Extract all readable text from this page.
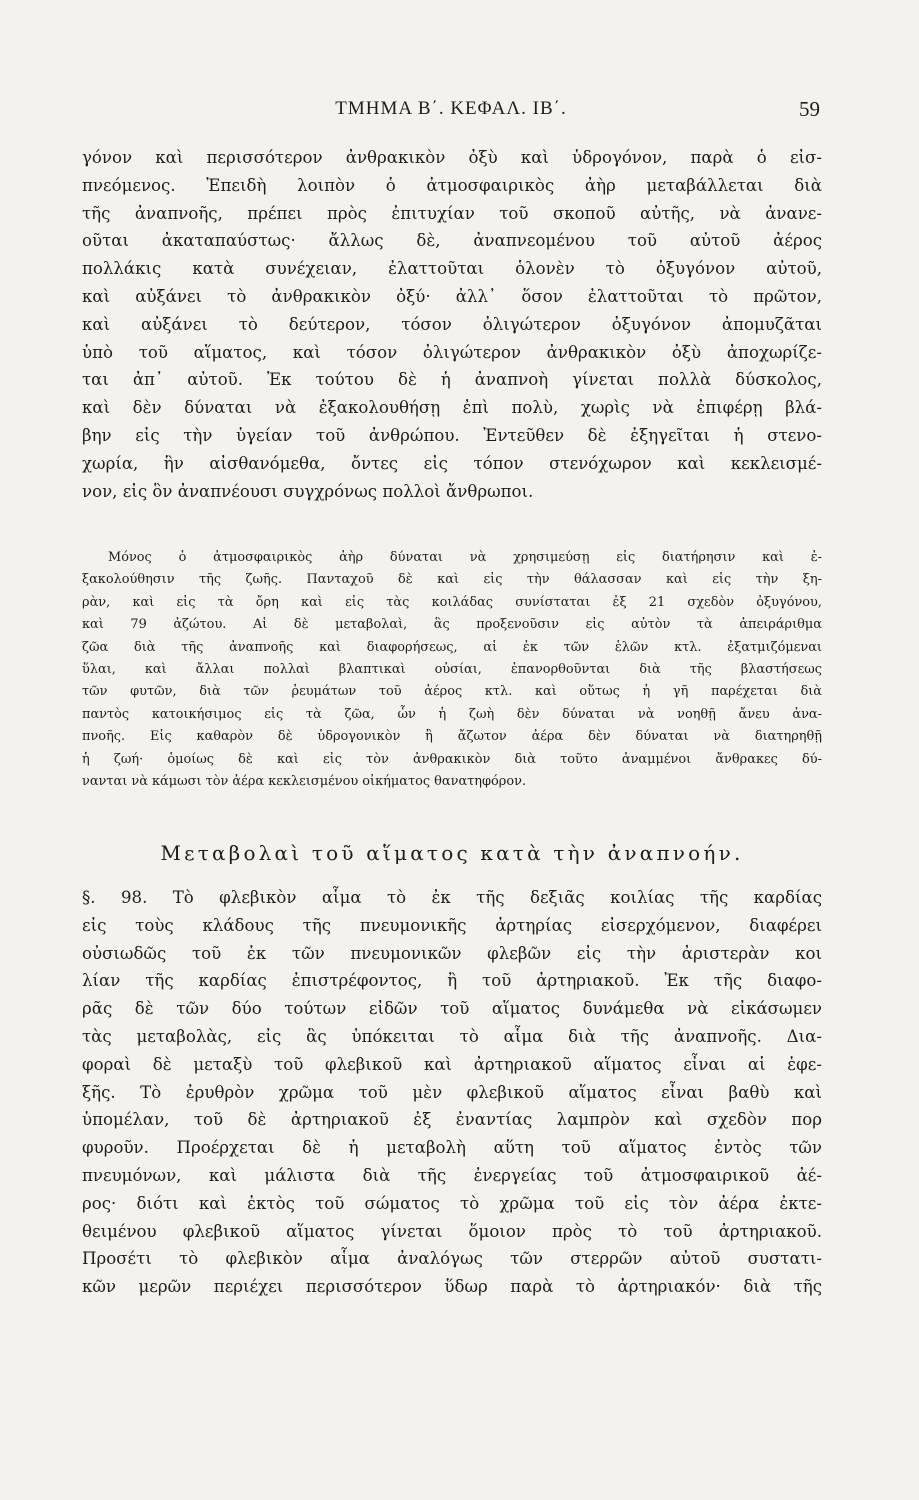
ΤΜΗΜΑ Β΄. ΚΕΦΑΛ. ΙΒ΄.	59
γόνον καὶ περισσότερον ἀνθρακικὸν ὀξὺ καὶ ὑδρογόνον, παρὰ ὁ εἰσ-
πνεόμενος. Ἐπειδὴ λοιπὸν ὁ ἀτμοσφαιρικὸς ἀὴρ μεταβάλλεται διὰ
τῆς ἀναπνοῆς, πρέπει πρὸς ἐπιτυχίαν τοῦ σκοποῦ αὐτῆς, νὰ ἀνανε-
οῦται ἀκαταπαύστως· ἄλλως δὲ, ἀναπνεομένου τοῦ αὐτοῦ ἀέρος
πολλάκις κατὰ συνέχειαν, ἐλαττοῦται ὁλονὲν τὸ ὀξυγόνον αὐτοῦ,
καὶ αὐξάνει τὸ ἀνθρακικὸν ὀξύ· ἀλλ᾽ ὅσον ἐλαττοῦται τὸ πρῶτον,
καὶ αὐξάνει τὸ δεύτερον, τόσον ὀλιγώτερον ὀξυγόνον ἀπομυζᾶται
ὑπὸ τοῦ αἵματος, καὶ τόσον ὀλιγώτερον ἀνθρακικὸν ὀξὺ ἀποχωρίζε-
ται ἀπ᾽ αὐτοῦ. Ἐκ τούτου δὲ ἡ ἀναπνοὴ γίνεται πολλὰ δύσκολος,
καὶ δὲν δύναται νὰ ἐξακολουθήσῃ ἐπὶ πολὺ, χωρὶς νὰ ἐπιφέρῃ βλά-
βην εἰς τὴν ὑγείαν τοῦ ἀνθρώπου. Ἐντεῦθεν δὲ ἐξηγεῖται ἡ στενο-
χωρία, ἣν αἰσθανόμεθα, ὄντες εἰς τόπον στενόχωρον καὶ κεκλεισμέ-
νον, εἰς ὃν ἀναπνέουσι συγχρόνως πολλοὶ ἄνθρωποι.
Μόνος ὁ ἀτμοσφαιρικὸς ἀὴρ δύναται νὰ χρησιμεύσῃ εἰς διατήρησιν καὶ ἐ-
ξακολούθησιν τῆς ζωῆς. Πανταχοῦ δὲ καὶ εἰς τὴν θάλασσαν καὶ εἰς τὴν ξη-
ρὰν, καὶ εἰς τὰ ὄρη καὶ εἰς τὰς κοιλάδας συνίσταται ἐξ 21 σχεδὸν ὀξυγόνου,
καὶ 79 ἀζώτου. Αἱ δὲ μεταβολαὶ, ἃς προξενοῦσιν εἰς αὐτὸν τὰ ἀπειράριθμα
ζῶα διὰ τῆς ἀναπνοῆς καὶ διαφορήσεως, αἱ ἐκ τῶν ἑλῶν κτλ. ἐξατμιζόμεναι
ὕλαι, καὶ ἄλλαι πολλαὶ βλαπτικαὶ οὐσίαι, ἐπανορθοῦνται διὰ τῆς βλαστήσεως
τῶν φυτῶν, διὰ τῶν ῥευμάτων τοῦ ἀέρος κτλ. καὶ οὕτως ἡ γῆ παρέχεται διὰ
παντὸς κατοικήσιμος εἰς τὰ ζῶα, ὧν ἡ ζωὴ δὲν δύναται νὰ νοηθῇ ἄνευ ἀνα-
πνοῆς. Εἰς καθαρὸν δὲ ὑδρογονικὸν ἢ ἄζωτον ἀέρα δὲν δύναται νὰ διατηρηθῇ
ἡ ζωή· ὁμοίως δὲ καὶ εἰς τὸν ἀνθρακικὸν διὰ τοῦτο ἀναμμένοι ἄνθρακες δύ-
νανται νὰ κάμωσι τὸν ἀέρα κεκλεισμένου οἰκήματος θανατηφόρον.
Μεταβολαὶ τοῦ αἵματος κατὰ τὴν ἀναπνοήν.
§. 98. Τὸ φλεβικὸν αἷμα τὸ ἐκ τῆς δεξιᾶς κοιλίας τῆς καρδίας
εἰς τοὺς κλάδους τῆς πνευμονικῆς ἀρτηρίας εἰσερχόμενον, διαφέρει
οὐσιωδῶς τοῦ ἐκ τῶν πνευμονικῶν φλεβῶν εἰς τὴν ἀριστερὰν κοι
λίαν τῆς καρδίας ἐπιστρέφοντος, ἢ τοῦ ἀρτηριακοῦ. Ἐκ τῆς διαφο-
ρᾶς δὲ τῶν δύο τούτων εἰδῶν τοῦ αἵματος δυνάμεθα νὰ εἰκάσωμεν
τὰς μεταβολὰς, εἰς ἃς ὑπόκειται τὸ αἷμα διὰ τῆς ἀναπνοῆς. Δια-
φοραὶ δὲ μεταξὺ τοῦ φλεβικοῦ καὶ ἀρτηριακοῦ αἵματος εἶναι αἱ ἑφε-
ξῆς. Τὸ ἐρυθρὸν χρῶμα τοῦ μὲν φλεβικοῦ αἵματος εἶναι βαθὺ καὶ
ὑπομέλαν, τοῦ δὲ ἀρτηριακοῦ ἐξ ἐναντίας λαμπρὸν καὶ σχεδὸν πορ
φυροῦν. Προέρχεται δὲ ἡ μεταβολὴ αὕτη τοῦ αἵματος ἐντὸς τῶν
πνευμόνων, καὶ μάλιστα διὰ τῆς ἐνεργείας τοῦ ἀτμοσφαιρικοῦ ἀέ-
ρος· διότι καὶ ἐκτὸς τοῦ σώματος τὸ χρῶμα τοῦ εἰς τὸν ἀέρα ἐκτε-
θειμένου φλεβικοῦ αἵματος γίνεται ὅμοιον πρὸς τὸ τοῦ ἀρτηριακοῦ.
Προσέτι τὸ φλεβικὸν αἷμα ἀναλόγως τῶν στερρῶν αὐτοῦ συστατι-
κῶν μερῶν περιέχει περισσότερον ὕδωρ παρὰ τὸ ἀρτηριακόν· διὰ τῆς
